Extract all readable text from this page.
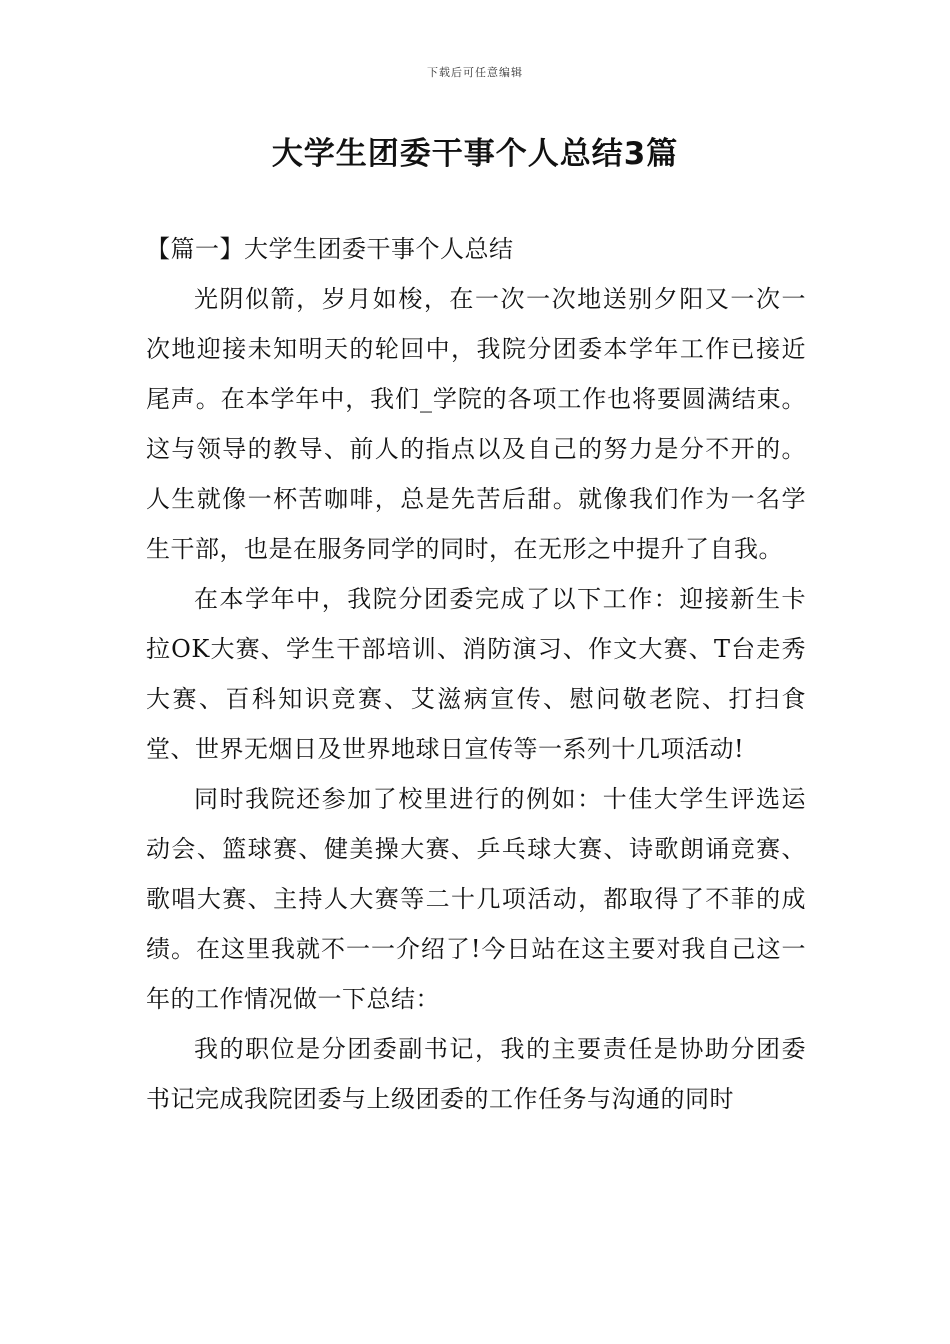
下载后可任意编辑
大学生团委干事个人总结3篇
【篇一】大学生团委干事个人总结

光阴似箭，岁月如梭，在一次一次地送别夕阳又一次一次地迎接未知明天的轮回中，我院分团委本学年工作已接近尾声。在本学年中，我们_学院的各项工作也将要圆满结束。这与领导的教导、前人的指点以及自己的努力是分不开的。人生就像一杯苦咖啡，总是先苦后甜。就像我们作为一名学生干部，也是在服务同学的同时，在无形之中提升了自我。

在本学年中，我院分团委完成了以下工作：迎接新生卡拉OK大赛、学生干部培训、消防演习、作文大赛、T台走秀大赛、百科知识竞赛、艾滋病宣传、慰问敬老院、打扫食堂、世界无烟日及世界地球日宣传等一系列十几项活动!

同时我院还参加了校里进行的例如：十佳大学生评选运动会、篮球赛、健美操大赛、乒乓球大赛、诗歌朗诵竞赛、歌唱大赛、主持人大赛等二十几项活动，都取得了不菲的成绩。在这里我就不一一介绍了!今日站在这主要对我自己这一年的工作情况做一下总结：

我的职位是分团委副书记，我的主要责任是协助分团委书记完成我院团委与上级团委的工作任务与沟通的同时
